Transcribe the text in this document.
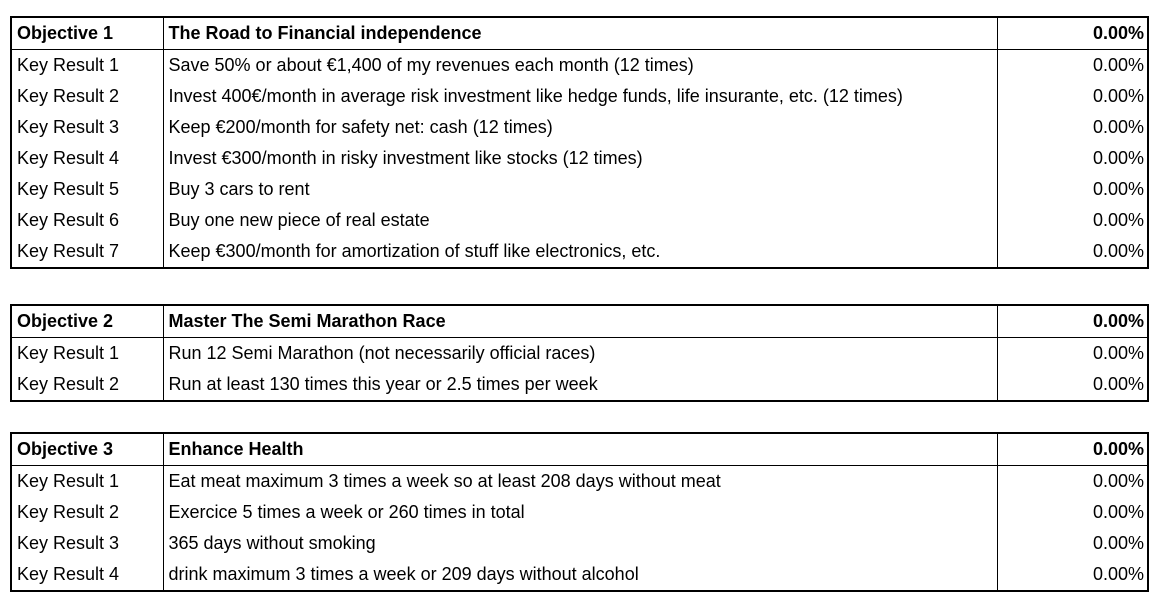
Objective 1	The Road to Financial independence	0.00%
Key Result 1	Save 50% or about €1,400 of my revenues each month (12 times)	0.00%
Key Result 2	Invest 400€/month in average risk investment like hedge funds, life insurante, etc. (12 times)	0.00%
Key Result 3	Keep €200/month for safety net: cash (12 times)	0.00%
Key Result 4	Invest €300/month in risky investment like stocks (12 times)	0.00%
Key Result 5	Buy 3 cars to rent	0.00%
Key Result 6	Buy one new piece of real estate	0.00%
Key Result 7	Keep €300/month for amortization of stuff like electronics, etc.	0.00%
Objective 2	Master The Semi Marathon Race	0.00%
Key Result 1	Run 12 Semi Marathon (not necessarily official races)	0.00%
Key Result 2	Run at least 130 times this year or 2.5 times per week	0.00%
Objective 3	Enhance Health	0.00%
Key Result 1	Eat meat maximum 3 times a week so at least 208 days without meat	0.00%
Key Result 2	Exercice 5 times a week or 260 times in total	0.00%
Key Result 3	365 days without smoking	0.00%
Key Result 4	drink maximum 3 times a week or 209 days without alcohol	0.00%
